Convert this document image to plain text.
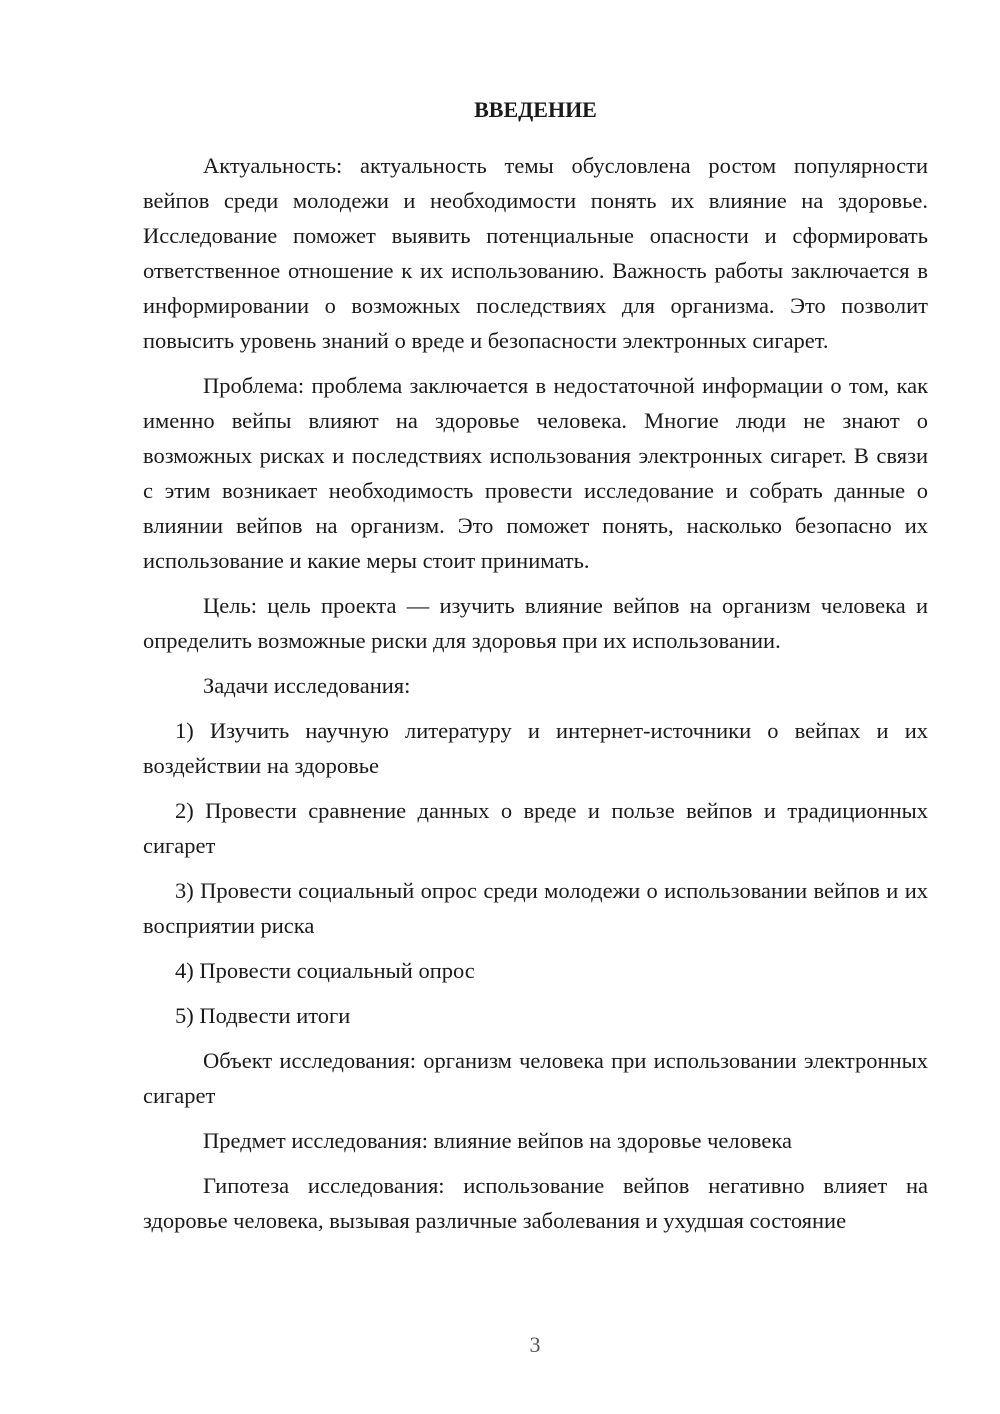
ВВЕДЕНИЕ

Актуальность: актуальность темы обусловлена ростом популярности вейпов среди молодежи и необходимости понять их влияние на здоровье. Исследование поможет выявить потенциальные опасности и сформировать ответственное отношение к их использованию. Важность работы заключается в информировании о возможных последствиях для организма. Это позволит повысить уровень знаний о вреде и безопасности электронных сигарет.

Проблема: проблема заключается в недостаточной информации о том, как именно вейпы влияют на здоровье человека. Многие люди не знают о возможных рисках и последствиях использования электронных сигарет. В связи с этим возникает необходимость провести исследование и собрать данные о влиянии вейпов на организм. Это поможет понять, насколько безопасно их использование и какие меры стоит принимать.

Цель: цель проекта — изучить влияние вейпов на организм человека и определить возможные риски для здоровья при их использовании.

Задачи исследования:

1) Изучить научную литературу и интернет-источники о вейпах и их воздействии на здоровье

2) Провести сравнение данных о вреде и пользе вейпов и традиционных сигарет

3) Провести социальный опрос среди молодежи о использовании вейпов и их восприятии риска

4) Провести социальный опрос

5) Подвести итоги

Объект исследования: организм человека при использовании электронных сигарет

Предмет исследования: влияние вейпов на здоровье человека

Гипотеза исследования: использование вейпов негативно влияет на здоровье человека, вызывая различные заболевания и ухудшая состояние

3
